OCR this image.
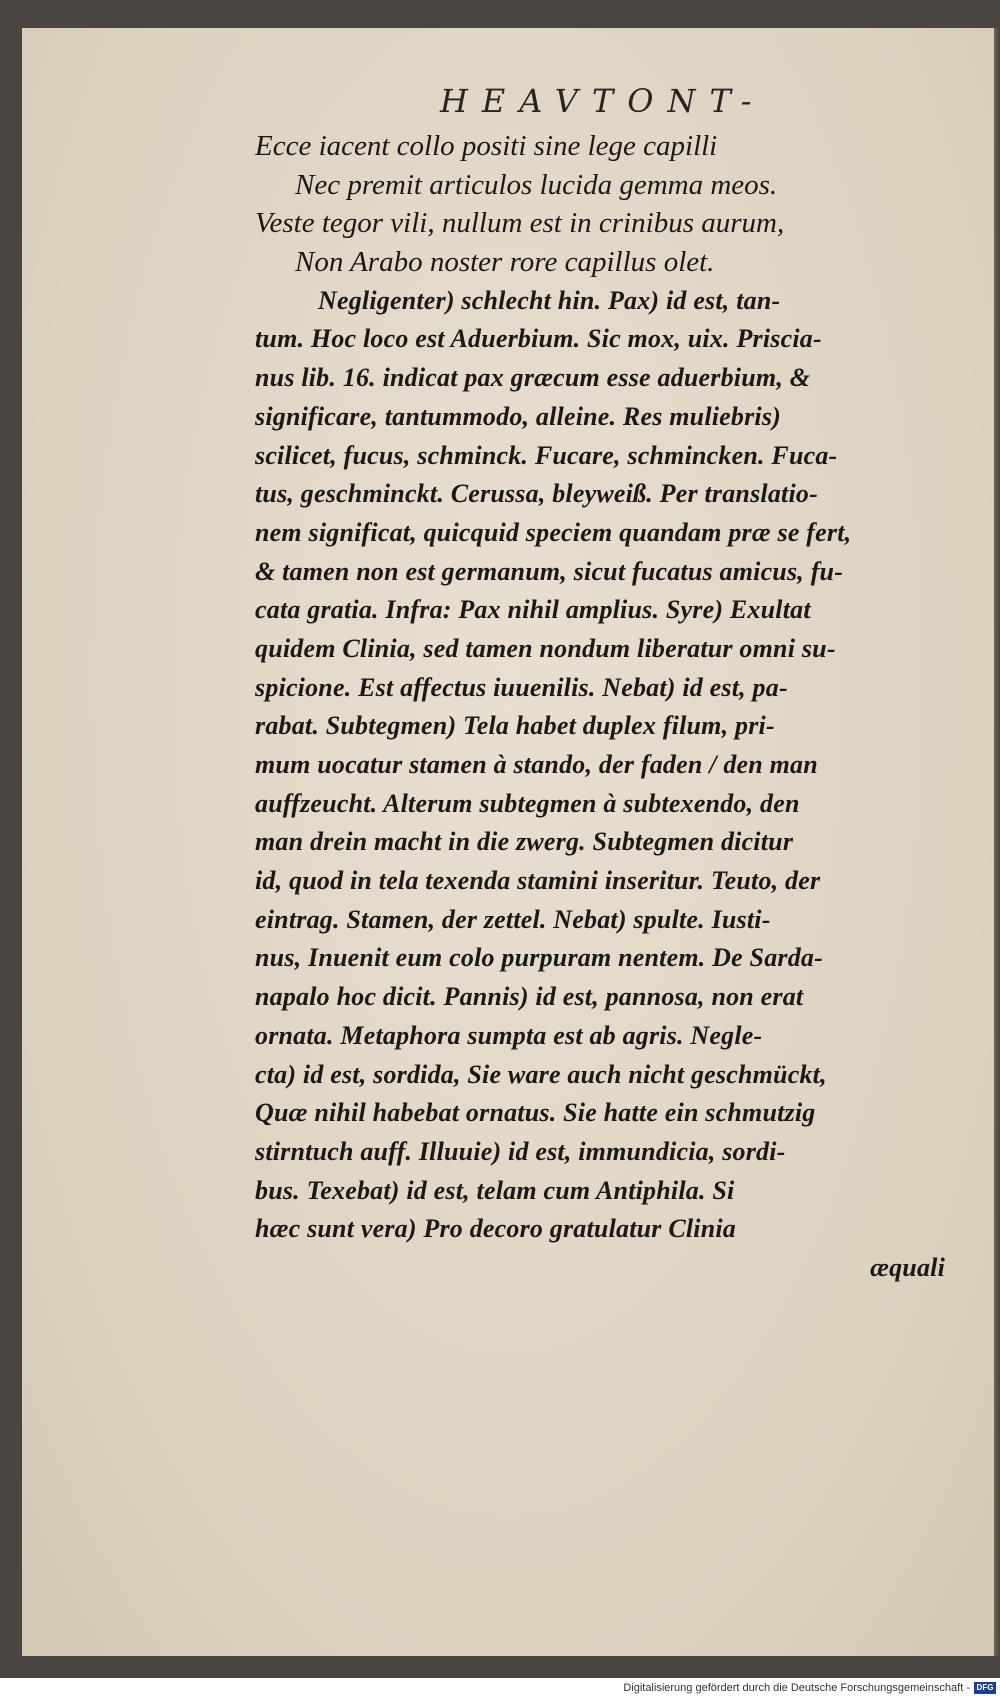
HEAVTONT-
Ecce iacent collo positi sine lege capilli
Nec premit articulos lucida gemma meos.
Veste tegor vili, nullum est in crinibus aurum,
Non Arabo noster rore capillus olet.
Negligenter) schlecht hin. Pax) id est, tan-
tum. Hoc loco est Aduerbium. Sic mox, uix. Priscia-
nus lib. 16. indicat pax græcum esse aduerbium, &
significare, tantummodo, alleine. Res muliebris)
scilicet, fucus, schminck. Fucare, schmincken. Fuca-
tus, geschminckt. Cerussa, bleyweiß. Per translatio-
nem significat, quicquid speciem quandam præ se fert,
& tamen non est germanum, sicut fucatus amicus, fu-
cata gratia. Infra: Pax nihil amplius. Syre) Exultat
quidem Clinia, sed tamen nondum liberatur omni su-
spicione. Est affectus iuuenilis. Nebat) id est, pa-
rabat. Subtegmen) Tela habet duplex filum, pri-
mum uocatur stamen à stando, der faden / den man
auffzeucht. Alterum subtegmen à subtexendo, den
man drein macht in die zwerg. Subtegmen dicitur
id, quod in tela texenda stamini inseritur. Teuto, der
eintrag. Stamen, der zettel. Nebat) spulte. Iusti-
nus, Inuenit eum colo purpuram nentem. De Sarda-
napalo hoc dicit. Pannis) id est, pannosa, non erat
ornata. Metaphora sumpta est ab agris. Negle-
cta) id est, sordida, Sie ware auch nicht geschmückt,
Quæ nihil habebat ornatus. Sie hatte ein schmutzig
stirntuch auff. Illuuie) id est, immundicia, sordi-
bus. Texebat) id est, telam cum Antiphila. Si
hæc sunt vera) Pro decoro gratulatur Clinia
æquali
Digitalisierung gefördert durch die Deutsche Forschungsgemeinschaft - DFG
